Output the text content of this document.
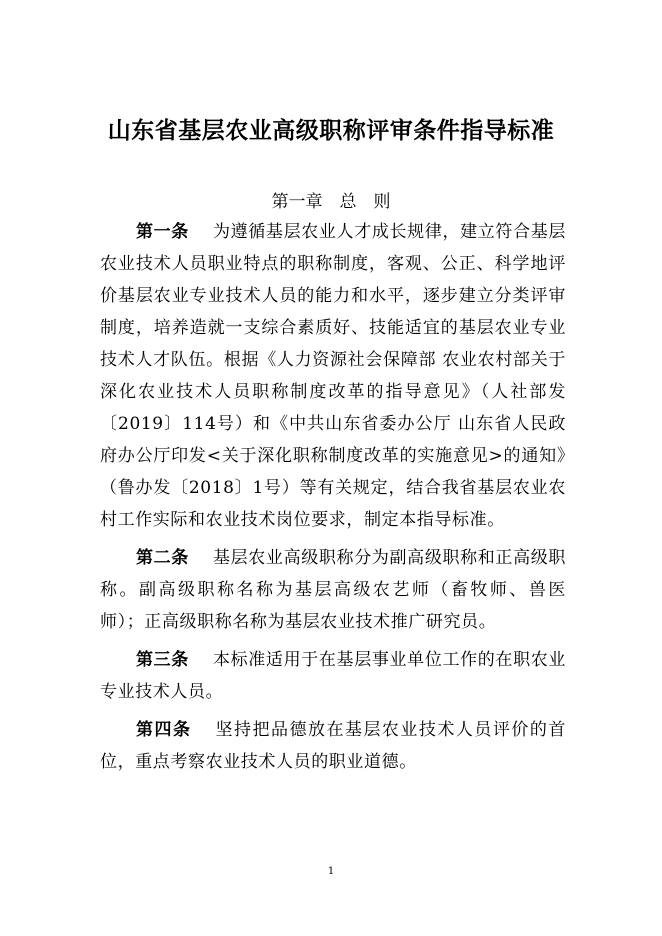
山东省基层农业高级职称评审条件指导标准
第一章　总　则

第一条 为遵循基层农业人才成长规律，建立符合基层农业技术人员职业特点的职称制度，客观、公正、科学地评价基层农业专业技术人员的能力和水平，逐步建立分类评审制度，培养造就一支综合素质好、技能适宜的基层农业专业技术人才队伍。根据《人力资源社会保障部 农业农村部关于深化农业技术人员职称制度改革的指导意见》（人社部发〔2019〕114号）和《中共山东省委办公厅 山东省人民政府办公厅印发<关于深化职称制度改革的实施意见>的通知》（鲁办发〔2018〕1号）等有关规定，结合我省基层农业农村工作实际和农业技术岗位要求，制定本指导标准。

第二条 基层农业高级职称分为副高级职称和正高级职称。副高级职称名称为基层高级农艺师（畜牧师、兽医师）；正高级职称名称为基层农业技术推广研究员。

第三条 本标准适用于在基层事业单位工作的在职农业专业技术人员。

第四条 坚持把品德放在基层农业技术人员评价的首位，重点考察农业技术人员的职业道德。

1
